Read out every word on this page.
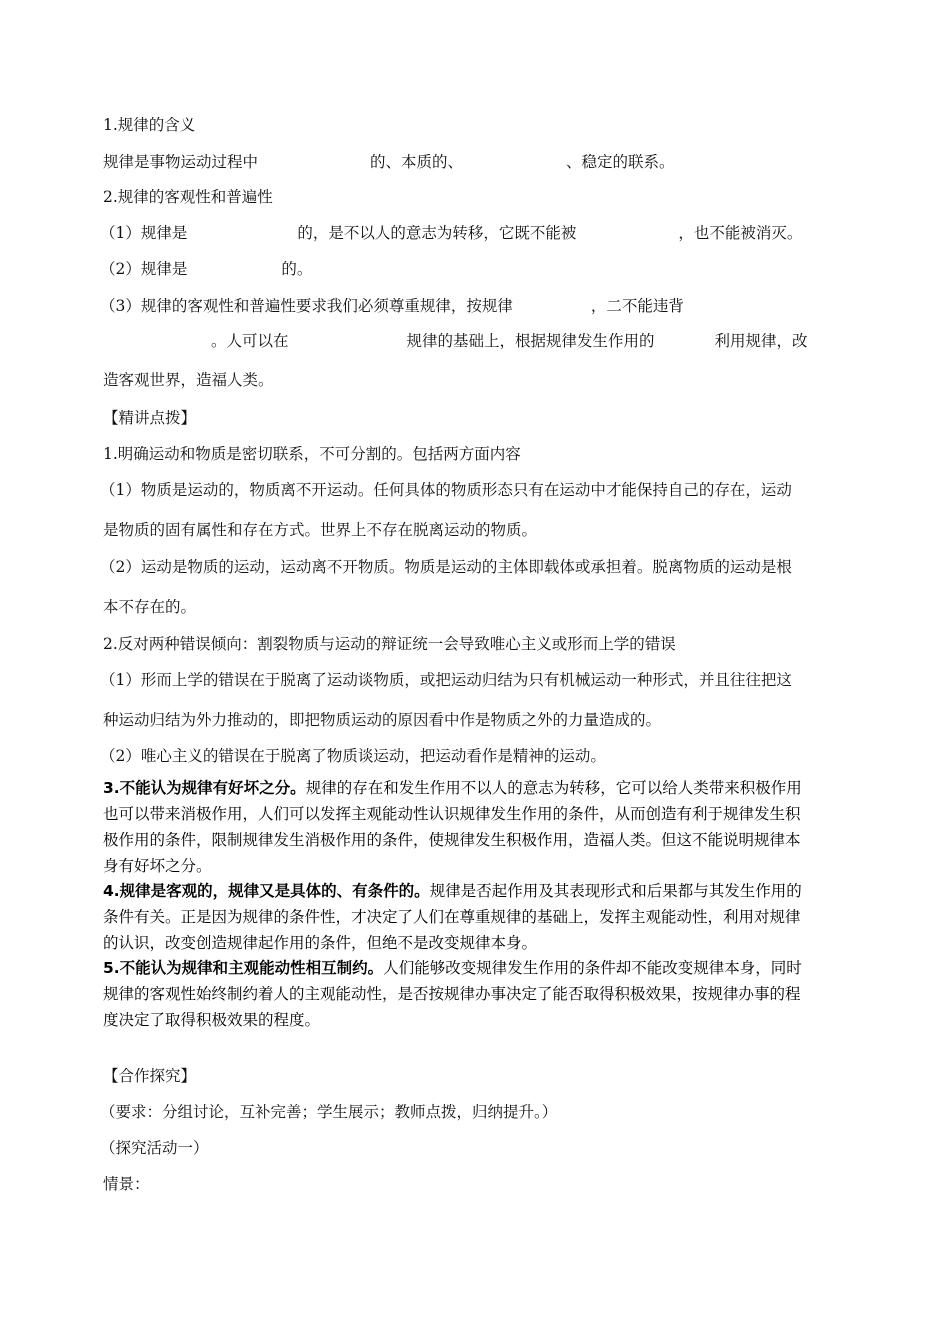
1.规律的含义
规律是事物运动过程中	的、本质的、	、稳定的联系。
2.规律的客观性和普遍性
（1）规律是	的，是不以人的意志为转移，它既不能被	，也不能被消灭。
（2）规律是	的。
（3）规律的客观性和普遍性要求我们必须尊重规律，按规律	，二不能违背
。人可以在	规律的基础上，根据规律发生作用的	利用规律，改
造客观世界，造福人类。
【精讲点拨】
1.明确运动和物质是密切联系，不可分割的。包括两方面内容
（1）物质是运动的，物质离不开运动。任何具体的物质形态只有在运动中才能保持自己的存在，运动
是物质的固有属性和存在方式。世界上不存在脱离运动的物质。
（2）运动是物质的运动，运动离不开物质。物质是运动的主体即载体或承担着。脱离物质的运动是根
本不存在的。
2.反对两种错误倾向：割裂物质与运动的辩证统一会导致唯心主义或形而上学的错误
（1）形而上学的错误在于脱离了运动谈物质，或把运动归结为只有机械运动一种形式，并且往往把这
种运动归结为外力推动的，即把物质运动的原因看中作是物质之外的力量造成的。
（2）唯心主义的错误在于脱离了物质谈运动，把运动看作是精神的运动。
3.不能认为规律有好坏之分。规律的存在和发生作用不以人的意志为转移，它可以给人类带来积极作用
也可以带来消极作用，人们可以发挥主观能动性认识规律发生作用的条件，从而创造有利于规律发生积
极作用的条件，限制规律发生消极作用的条件，使规律发生积极作用，造福人类。但这不能说明规律本
身有好坏之分。
4.规律是客观的，规律又是具体的、有条件的。规律是否起作用及其表现形式和后果都与其发生作用的
条件有关。正是因为规律的条件性，才决定了人们在尊重规律的基础上，发挥主观能动性，利用对规律
的认识，改变创造规律起作用的条件，但绝不是改变规律本身。
5.不能认为规律和主观能动性相互制约。人们能够改变规律发生作用的条件却不能改变规律本身，同时
规律的客观性始终制约着人的主观能动性，是否按规律办事决定了能否取得积极效果，按规律办事的程
度决定了取得积极效果的程度。
【合作探究】
（要求：分组讨论，互补完善；学生展示；教师点拨，归纳提升。）
（探究活动一）
情景：
